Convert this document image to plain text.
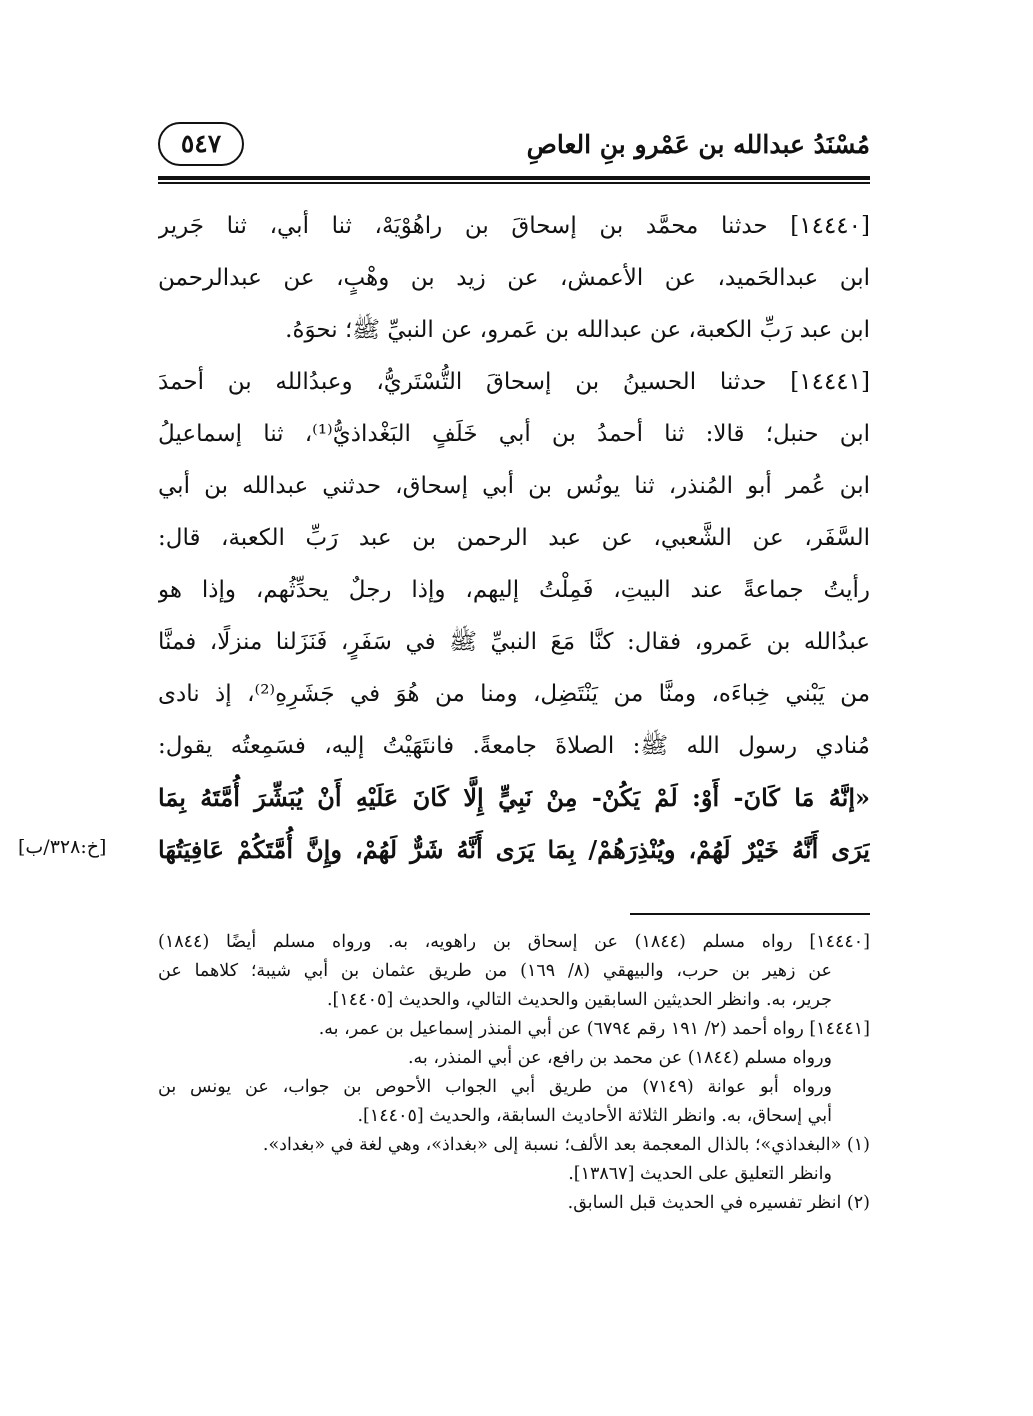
مُسْنَدُ عبدالله بن عَمْرو بنِ العاصِ
٥٤٧
[١٤٤٤٠] حدثنا محمَّد بن إسحاقَ بن راهُوْيَهْ، ثنا أبي، ثنا جَرير
ابن عبدالحَميد، عن الأعمش، عن زيد بن وهْبٍ، عن عبدالرحمن
ابن عبد رَبِّ الكعبة، عن عبدالله بن عَمرو، عن النبيِّ ﷺ؛ نحوَهُ.
[١٤٤٤١] حدثنا الحسينُ بن إسحاقَ التُّسْتَريُّ، وعبدُالله بن أحمدَ
ابن حنبل؛ قالا: ثنا أحمدُ بن أبي خَلَفٍ البَغْداذيُّ⁽¹⁾، ثنا إسماعيلُ
ابن عُمر أبو المُنذر، ثنا يونُس بن أبي إسحاق، حدثني عبدالله بن أبي
السَّفَر، عن الشَّعبي، عن عبد الرحمن بن عبد رَبِّ الكعبة، قال:
رأيتُ جماعةً عند البيتِ، فَمِلْتُ إليهم، وإذا رجلٌ يحدِّثُهم، وإذا هو
عبدُالله بن عَمرو، فقال: كنَّا مَعَ النبيِّ ﷺ في سَفَرٍ، فَنَزَلنا منزلًا، فمنَّا
من يَبْني خِباءَه، ومنَّا من يَنْتَضِل، ومنا من هُوَ في جَشَرِهِ⁽²⁾، إذ نادى
مُنادي رسول الله ﷺ: الصلاةَ جامعةً. فانتَهَيْتُ إليه، فسَمِعتُه يقول:
«إنَّهُ مَا كَانَ- أَوْ: لَمْ يَكُنْ- مِنْ نَبِيٍّ إِلَّا كَانَ عَلَيْهِ أَنْ يُبَشِّرَ أُمَّتَهُ بِمَا
يَرَى أَنَّهُ خَيْرٌ لَهُمْ، ويُنْذِرَهُمْ/ بِمَا يَرَى أَنَّهُ شَرٌّ لَهُمْ، وإِنَّ أُمَّتَكُمْ عَافِيَتُهَا
[خ:٣٢٨/ب]
[١٤٤٤٠] رواه مسلم (١٨٤٤) عن إسحاق بن راهويه، به. ورواه مسلم أيضًا (١٨٤٤)
عن زهير بن حرب، والبيهقي (٨/ ١٦٩) من طريق عثمان بن أبي شيبة؛ كلاهما عن
جرير، به. وانظر الحديثين السابقين والحديث التالي، والحديث [١٤٤٠٥].
[١٤٤٤١] رواه أحمد (٢/ ١٩١ رقم ٦٧٩٤) عن أبي المنذر إسماعيل بن عمر، به.
ورواه مسلم (١٨٤٤) عن محمد بن رافع، عن أبي المنذر، به.
ورواه أبو عوانة (٧١٤٩) من طريق أبي الجواب الأحوص بن جواب، عن يونس بن
أبي إسحاق، به. وانظر الثلاثة الأحاديث السابقة، والحديث [١٤٤٠٥].
(١) «البغداذي»؛ بالذال المعجمة بعد الألف؛ نسبة إلى «بغداذ»، وهي لغة في «بغداد».
وانظر التعليق على الحديث [١٣٨٦٧].
(٢) انظر تفسيره في الحديث قبل السابق.
